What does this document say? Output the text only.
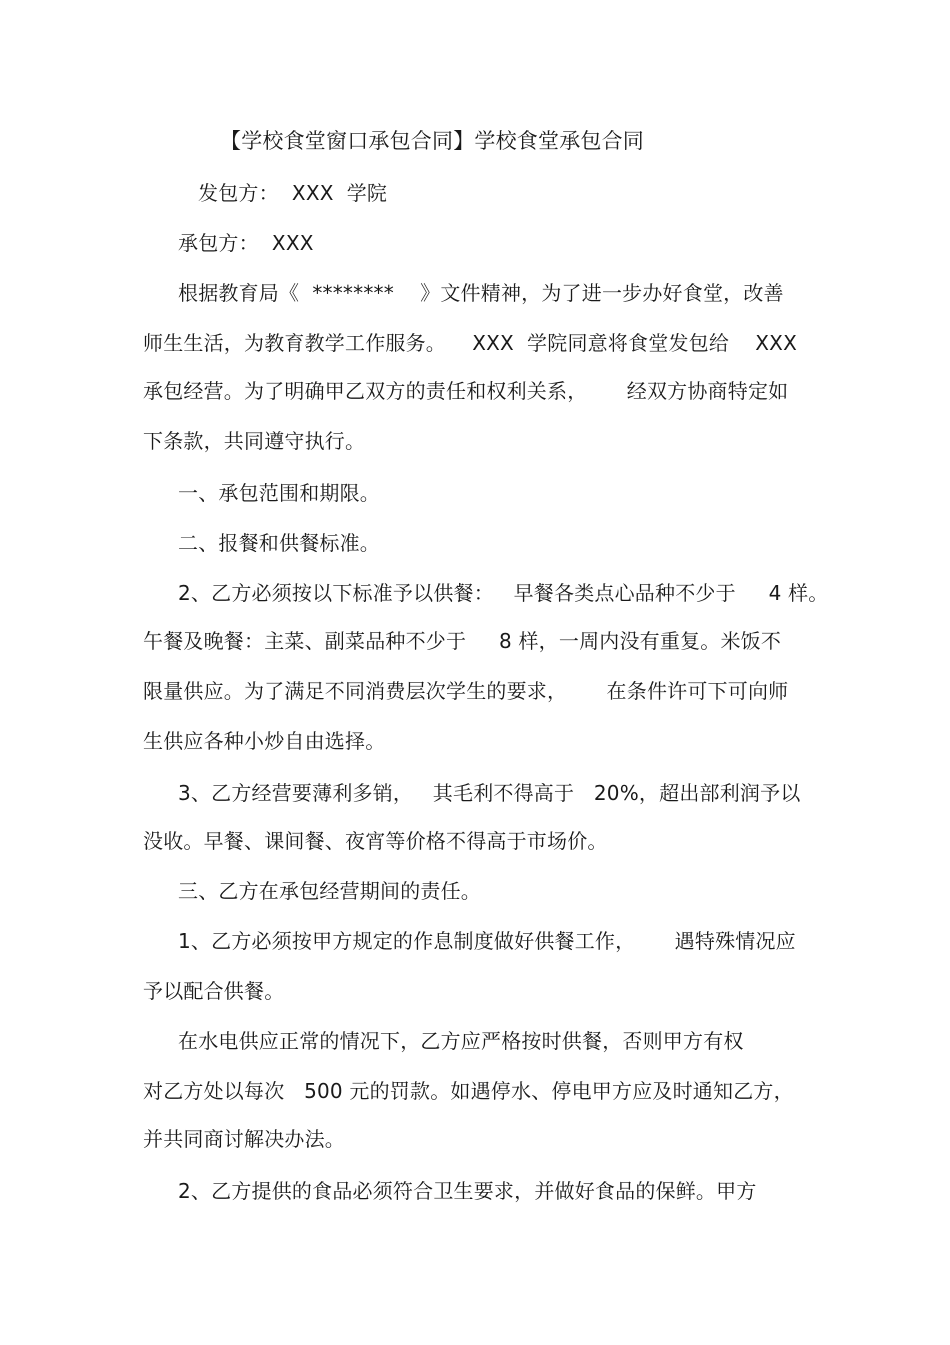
【学校食堂窗口承包合同】学校食堂承包合同
发包方：  XXX  学院
承包方：  XXX
根据教育局《  ********    》文件精神，为了进一步办好食堂，改善
师生生活，为教育教学工作服务。    XXX  学院同意将食堂发包给    XXX
承包经营。为了明确甲乙双方的责任和权利关系，      经双方协商特定如
下条款，共同遵守执行。
一、承包范围和期限。
二、报餐和供餐标准。
2、乙方必须按以下标准予以供餐：   早餐各类点心品种不少于     4 样。
午餐及晚餐：主菜、副菜品种不少于     8 样，一周内没有重复。米饭不
限量供应。为了满足不同消费层次学生的要求，      在条件许可下可向师
生供应各种小炒自由选择。
3、乙方经营要薄利多销，   其毛利不得高于   20%，超出部利润予以
没收。早餐、课间餐、夜宵等价格不得高于市场价。
三、乙方在承包经营期间的责任。
1、乙方必须按甲方规定的作息制度做好供餐工作，      遇特殊情况应
予以配合供餐。
在水电供应正常的情况下，乙方应严格按时供餐，否则甲方有权
对乙方处以每次   500 元的罚款。如遇停水、停电甲方应及时通知乙方，
并共同商讨解决办法。
2、乙方提供的食品必须符合卫生要求，并做好食品的保鲜。甲方
